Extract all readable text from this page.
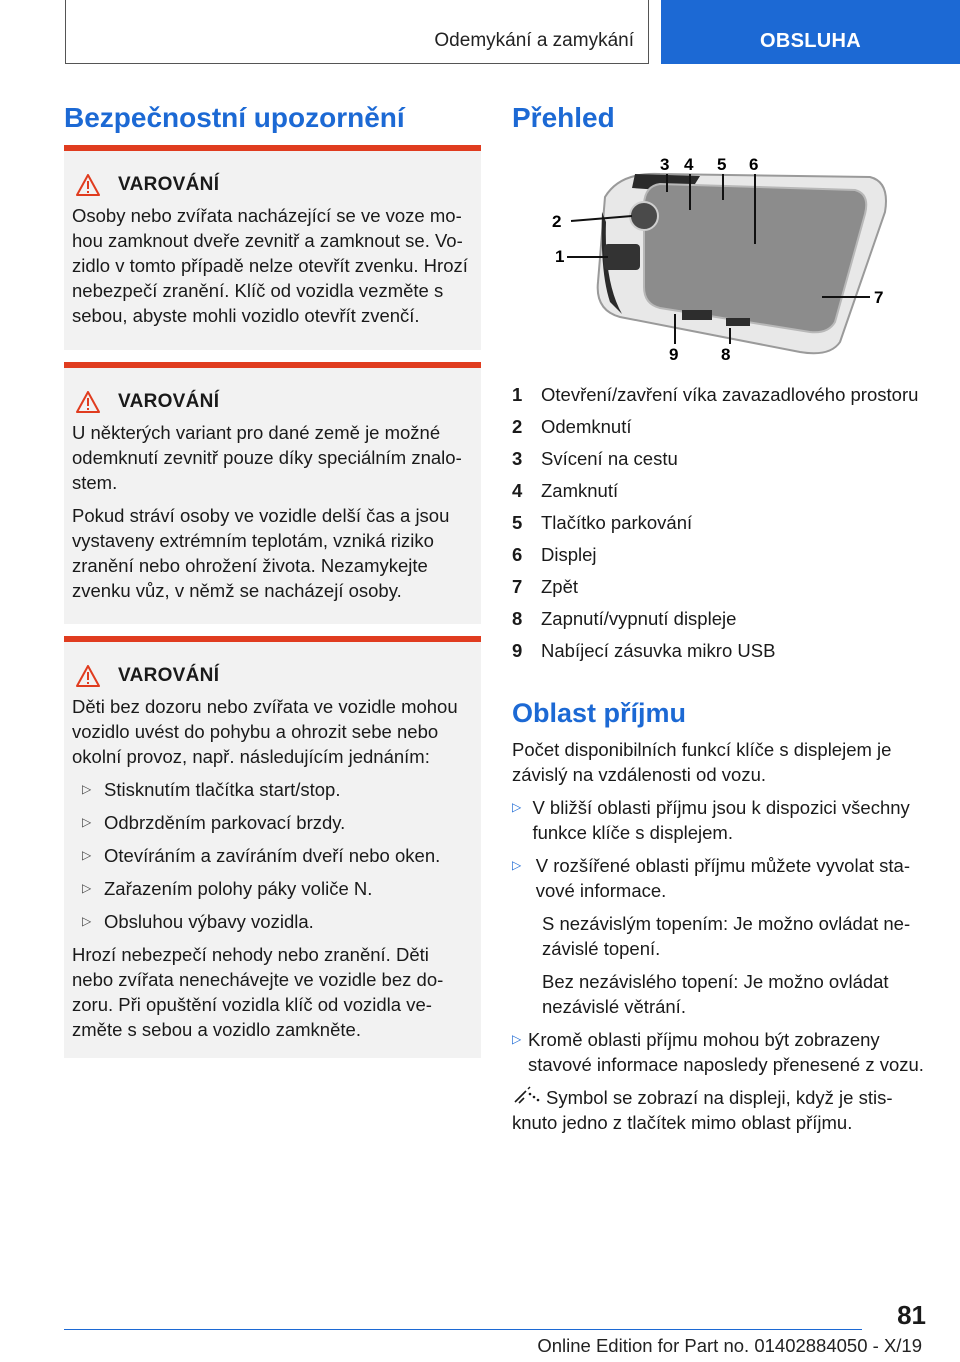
Odemykání a zamykání	OBSLUHA
Bezpečnostní upozornění
VAROVÁNÍ

Osoby nebo zvířata nacházející se ve voze mohou zamknout dveře zevnitř a zamknout se. Vozidlo v tomto případě nelze otevřít zvenku. Hrozí nebezpečí zranění. Klíč od vozidla vezměte s sebou, abyste mohli vozidlo otevřít zvenčí.

VAROVÁNÍ

U některých variant pro dané země je možné odemknutí zevnitř pouze díky speciálním znalostem.

Pokud stráví osoby ve vozidle delší čas a jsou vystaveny extrémním teplotám, vzniká riziko zranění nebo ohrožení života. Nezamykejte zvenku vůz, v němž se nacházejí osoby.

VAROVÁNÍ

Děti bez dozoru nebo zvířata ve vozidle mohou vozidlo uvést do pohybu a ohrozit sebe nebo okolní provoz, např. následujícím jednáním:

▷ Stisknutím tlačítka start/stop.
▷ Odbrzděním parkovací brzdy.
▷ Otevíráním a zavíráním dveří nebo oken.
▷ Zařazením polohy páky voliče N.
▷ Obsluhou výbavy vozidla.

Hrozí nebezpečí nehody nebo zranění. Děti nebo zvířata nenechávejte ve vozidle bez dozoru. Při opuštění vozidla klíč od vozidla vezměte s sebou a vozidlo zamkněte.

Přehled
1
2
3 4 5 6
7
8
9
1	Otevření/zavření víka zavazadlového prostoru
2	Odemknutí
3	Svícení na cestu
4	Zamknutí
5	Tlačítko parkování
6	Displej
7	Zpět
8	Zapnutí/vypnutí displeje
9	Nabíjecí zásuvka mikro USB
Oblast příjmu

Počet disponibilních funkcí klíče s displejem je závislý na vzdálenosti od vozu.

▷ V bližší oblasti příjmu jsou k dispozici všechny funkce klíče s displejem.
▷ V rozšířené oblasti příjmu můžete vyvolat stavové informace.

S nezávislým topením: Je možno ovládat nezávislé topení.

Bez nezávislého topení: Je možno ovládat nezávislé větrání.

▷ Kromě oblasti příjmu mohou být zobrazeny stavové informace naposledy přenesené z vozu.

Symbol se zobrazí na displeji, když je stisknuto jedno z tlačítek mimo oblast příjmu.

81
Online Edition for Part no. 01402884050 - X/19
